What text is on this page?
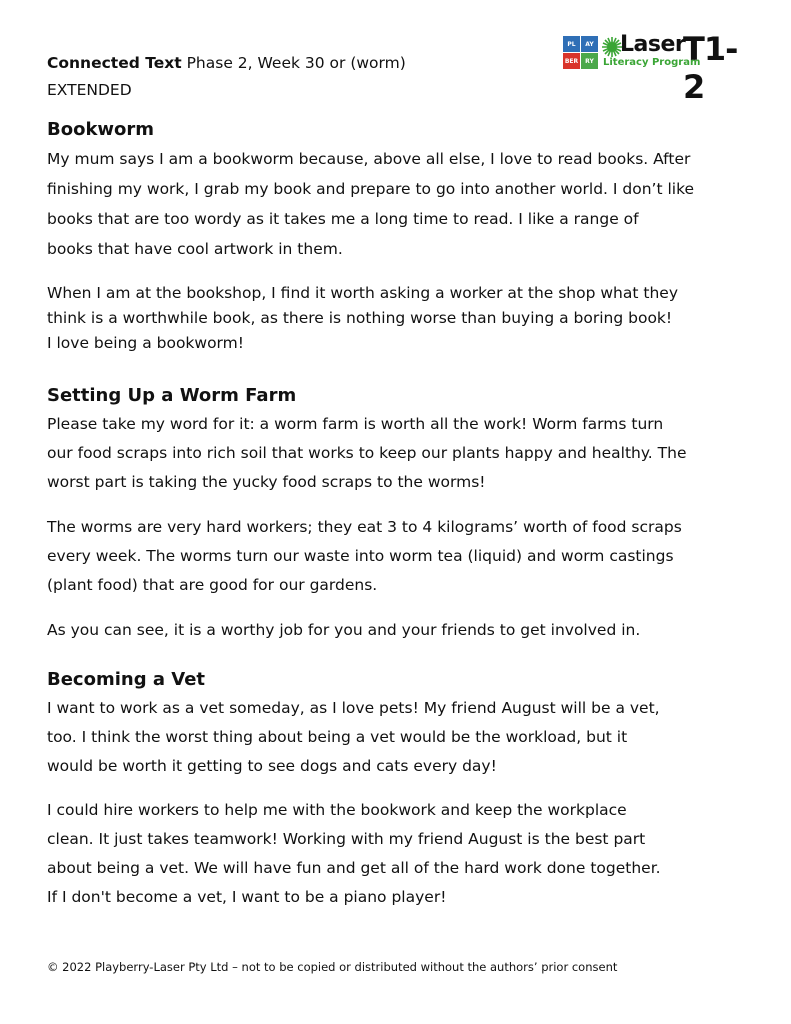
Connected Text Phase 2, Week 30 or (worm)
EXTENDED
PL	AY
BER	RY
Laser
Literacy Program
T1-2
Bookworm

My mum says I am a bookworm because, above all else, I love to read books. After
finishing my work, I grab my book and prepare to go into another world. I don’t like
books that are too wordy as it takes me a long time to read. I like a range of
books that have cool artwork in them.

When I am at the bookshop, I find it worth asking a worker at the shop what they
think is a worthwhile book, as there is nothing worse than buying a boring book!
I love being a bookworm!

Setting Up a Worm Farm

Please take my word for it: a worm farm is worth all the work! Worm farms turn
our food scraps into rich soil that works to keep our plants happy and healthy. The
worst part is taking the yucky food scraps to the worms!

The worms are very hard workers; they eat 3 to 4 kilograms’ worth of food scraps
every week. The worms turn our waste into worm tea (liquid) and worm castings
(plant food) that are good for our gardens.

As you can see, it is a worthy job for you and your friends to get involved in.

Becoming a Vet

I want to work as a vet someday, as I love pets! My friend August will be a vet,
too. I think the worst thing about being a vet would be the workload, but it
would be worth it getting to see dogs and cats every day!

I could hire workers to help me with the bookwork and keep the workplace
clean. It just takes teamwork! Working with my friend August is the best part
about being a vet. We will have fun and get all of the hard work done together.
If I don't become a vet, I want to be a piano player!

© 2022 Playberry-Laser Pty Ltd – not to be copied or distributed without the authors’ prior consent
